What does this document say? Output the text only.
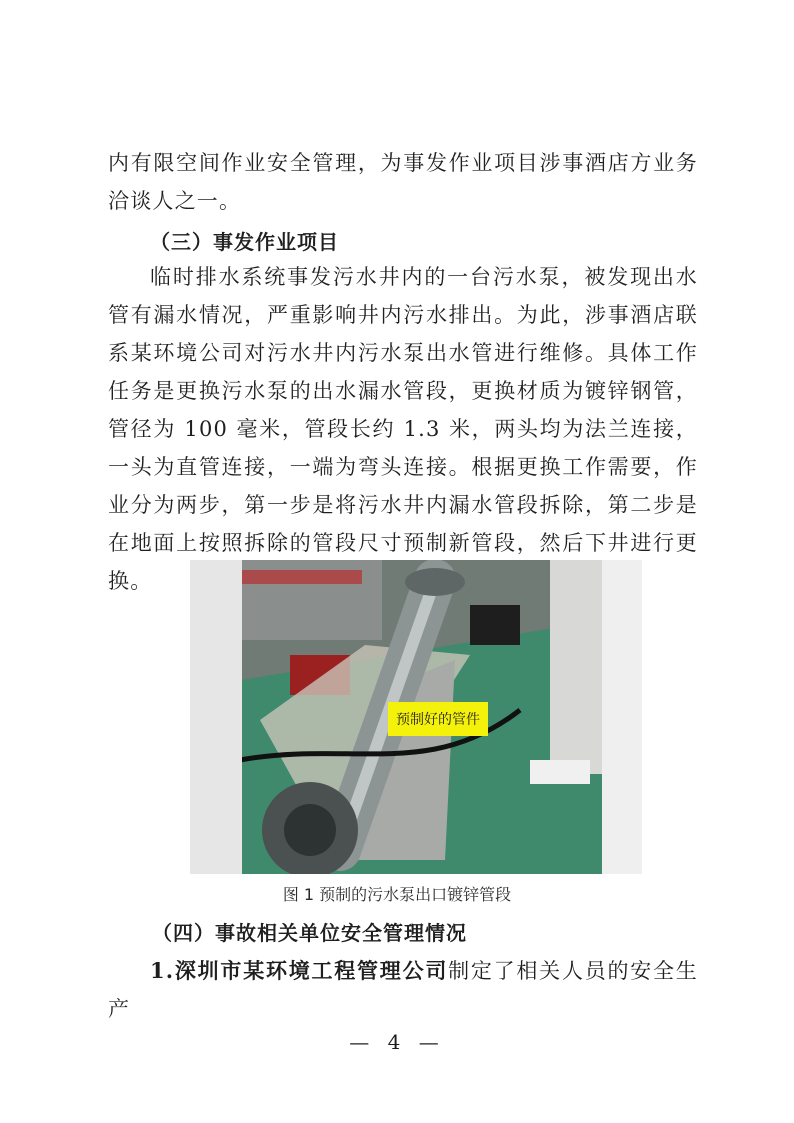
内有限空间作业安全管理，为事发作业项目涉事酒店方业务洽谈人之一。

（三）事发作业项目

临时排水系统事发污水井内的一台污水泵，被发现出水管有漏水情况，严重影响井内污水排出。为此，涉事酒店联系某环境公司对污水井内污水泵出水管进行维修。具体工作任务是更换污水泵的出水漏水管段，更换材质为镀锌钢管，管径为 100 毫米，管段长约 1.3 米，两头均为法兰连接，一头为直管连接，一端为弯头连接。根据更换工作需要，作业分为两步，第一步是将污水井内漏水管段拆除，第二步是在地面上按照拆除的管段尺寸预制新管段，然后下井进行更换。

预制好的管件
图 1 预制的污水泵出口镀锌管段
（四）事故相关单位安全管理情况

1.深圳市某环境工程管理公司制定了相关人员的安全生产

— 4 —
